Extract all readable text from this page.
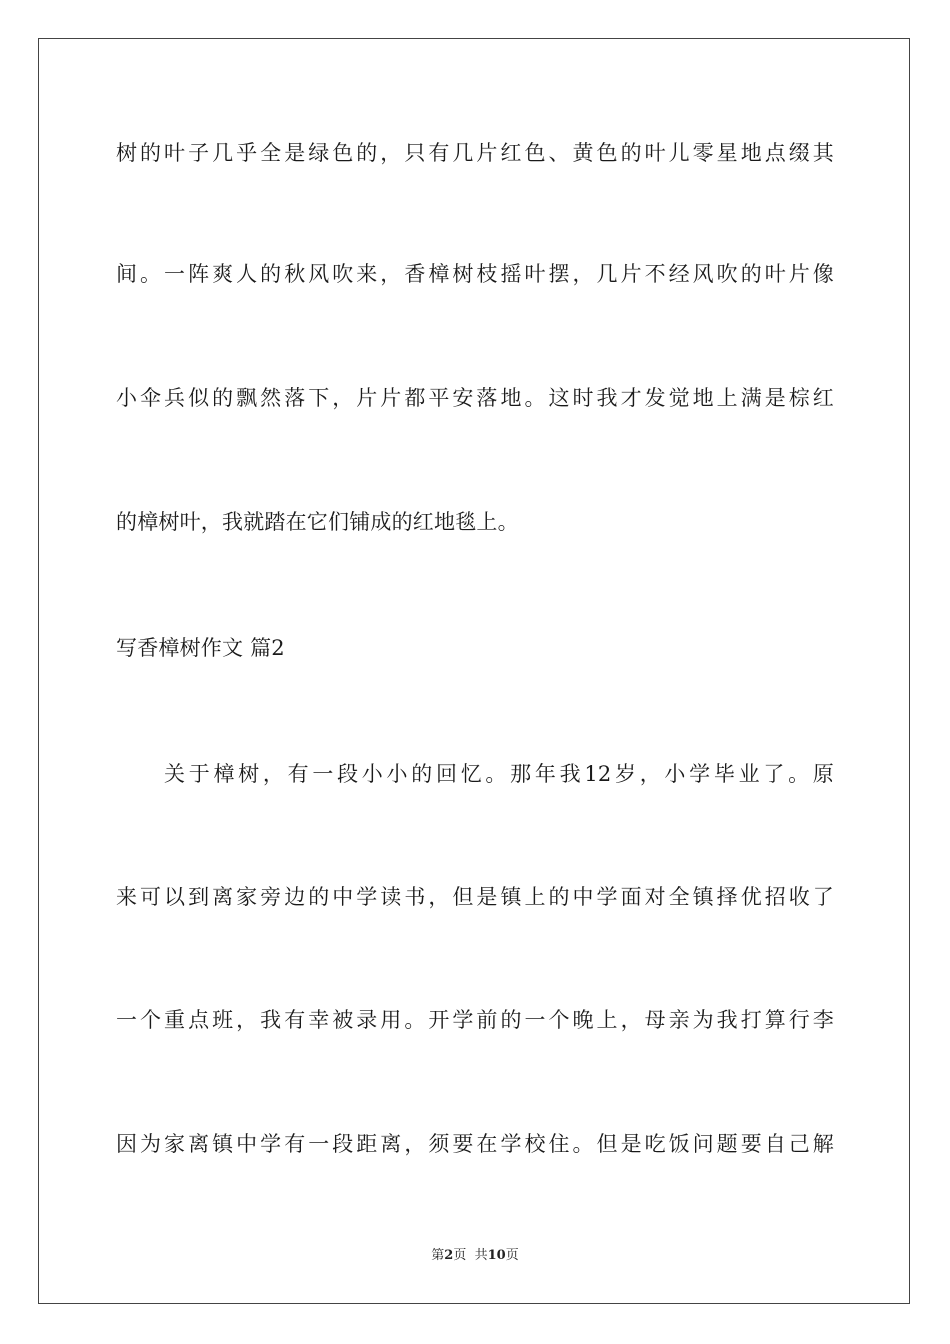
树的叶子几乎全是绿色的，只有几片红色、黄色的叶儿零星地点缀其
间。一阵爽人的秋风吹来，香樟树枝摇叶摆，几片不经风吹的叶片像
小伞兵似的飘然落下，片片都平安落地。这时我才发觉地上满是棕红
的樟树叶，我就踏在它们铺成的红地毯上。
写香樟树作文 篇2
关于樟树，有一段小小的回忆。那年我12岁，小学毕业了。原
来可以到离家旁边的中学读书，但是镇上的中学面对全镇择优招收了
一个重点班，我有幸被录用。开学前的一个晚上，母亲为我打算行李
因为家离镇中学有一段距离，须要在学校住。但是吃饭问题要自己解
第2页  共10页
